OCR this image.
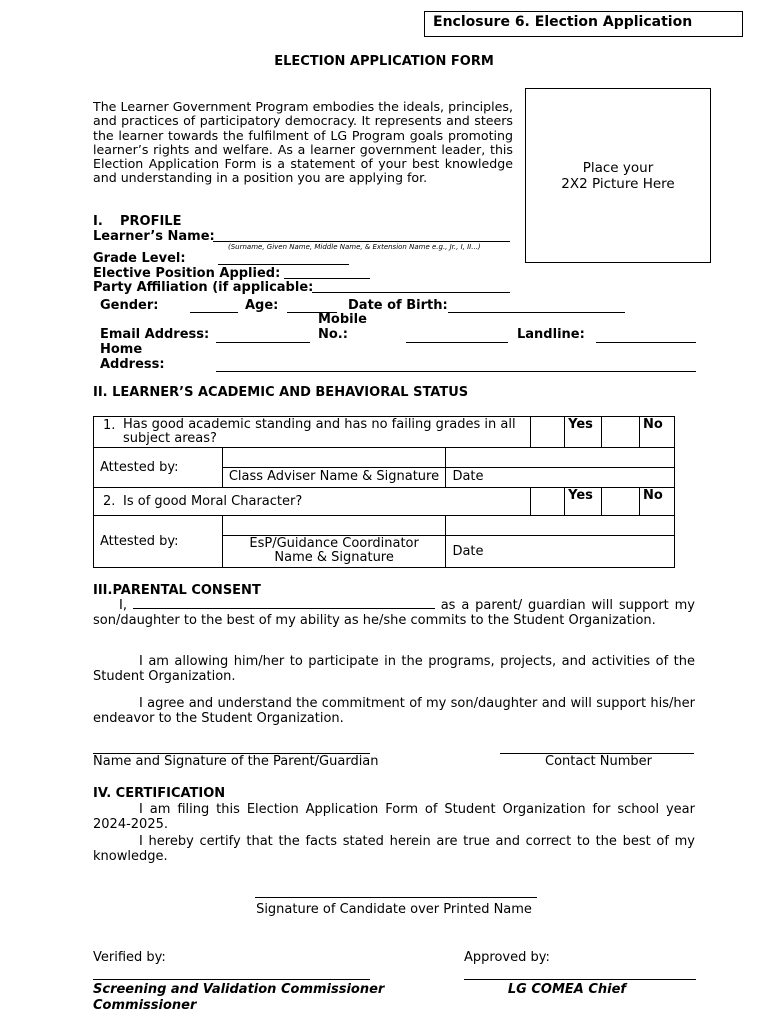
Enclosure 6. Election Application
ELECTION APPLICATION FORM
The Learner Government Program embodies the ideals, principles, and practices of participatory democracy. It represents and steers the learner towards the fulfilment of LG Program goals promoting learner’s rights and welfare. As a learner government leader, this Election Application Form is a statement of your best knowledge and understanding in a position you are applying for.
Place your
2X2 Picture Here
I. PROFILE
Learner’s Name:
(Surname, Given Name, Middle Name, & Extension Name e.g., Jr., I, II...)
Grade Level:
Elective Position Applied:
Party Affiliation (if applicable:
Gender:	Age:	Date of Birth:
Mobile
Email Address:	No.:	Landline:
Home
Address:
II. LEARNER’S ACADEMIC AND BEHAVIORAL STATUS
1. Has good academic standing and has no failing grades in all subject areas?				Yes		No
Attested by:						
	Class Adviser Name & Signature	Date				

2. Is of good Moral Character?				Yes		No
Attested by:						
	EsP/Guidance Coordinator Name & Signature	Date				
III.PARENTAL CONSENT
I,	as a parent/ guardian will support my son/daughter to the best of my ability as he/she commits to the Student Organization.
I am allowing him/her to participate in the programs, projects, and activities of the Student Organization.
I agree and understand the commitment of my son/daughter and will support his/her endeavor to the Student Organization.
Name and Signature of the Parent/Guardian	Contact Number
IV. CERTIFICATION
I am filing this Election Application Form of Student Organization for school year 2024-2025.
I hereby certify that the facts stated herein are true and correct to the best of my knowledge.
Signature of Candidate over Printed Name
Verified by:	Approved by:
Screening and Validation Commissioner
Commissioner
LG COMEA Chief
